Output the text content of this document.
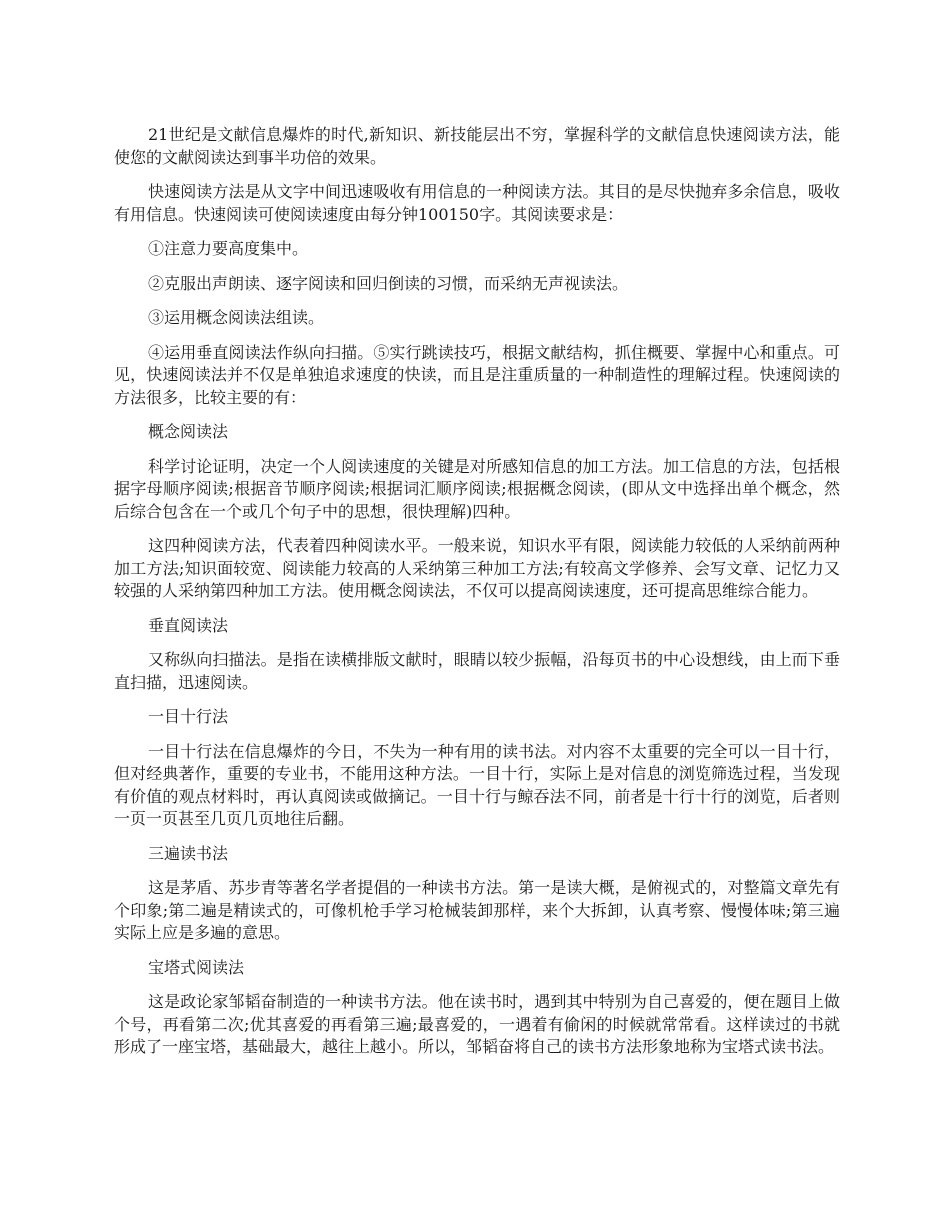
21世纪是文献信息爆炸的时代,新知识、新技能层出不穷，掌握科学的文献信息快速阅读方法，能使您的文献阅读达到事半功倍的效果。

快速阅读方法是从文字中间迅速吸收有用信息的一种阅读方法。其目的是尽快抛弃多余信息，吸收有用信息。快速阅读可使阅读速度由每分钟100150字。其阅读要求是：

①注意力要高度集中。

②克服出声朗读、逐字阅读和回归倒读的习惯，而采纳无声视读法。

③运用概念阅读法组读。

④运用垂直阅读法作纵向扫描。⑤实行跳读技巧，根据文献结构，抓住概要、掌握中心和重点。可见，快速阅读法并不仅是单独追求速度的快读，而且是注重质量的一种制造性的理解过程。快速阅读的方法很多，比较主要的有：

概念阅读法

科学讨论证明，决定一个人阅读速度的关键是对所感知信息的加工方法。加工信息的方法，包括根据字母顺序阅读;根据音节顺序阅读;根据词汇顺序阅读;根据概念阅读，(即从文中选择出单个概念，然后综合包含在一个或几个句子中的思想，很快理解)四种。

这四种阅读方法，代表着四种阅读水平。一般来说，知识水平有限，阅读能力较低的人采纳前两种加工方法;知识面较宽、阅读能力较高的人采纳第三种加工方法;有较高文学修养、会写文章、记忆力又较强的人采纳第四种加工方法。使用概念阅读法，不仅可以提高阅读速度，还可提高思维综合能力。

垂直阅读法

又称纵向扫描法。是指在读横排版文献时，眼睛以较少振幅，沿每页书的中心设想线，由上而下垂直扫描，迅速阅读。

一目十行法

一目十行法在信息爆炸的今日，不失为一种有用的读书法。对内容不太重要的完全可以一目十行，但对经典著作，重要的专业书，不能用这种方法。一目十行，实际上是对信息的浏览筛选过程，当发现有价值的观点材料时，再认真阅读或做摘记。一目十行与鲸吞法不同，前者是十行十行的浏览，后者则一页一页甚至几页几页地往后翻。

三遍读书法

这是茅盾、苏步青等著名学者提倡的一种读书方法。第一是读大概，是俯视式的，对整篇文章先有个印象;第二遍是精读式的，可像机枪手学习枪械装卸那样，来个大拆卸，认真考察、慢慢体味;第三遍实际上应是多遍的意思。

宝塔式阅读法

这是政论家邹韬奋制造的一种读书方法。他在读书时，遇到其中特别为自己喜爱的，便在题目上做个号，再看第二次;优其喜爱的再看第三遍;最喜爱的，一遇着有偷闲的时候就常常看。这样读过的书就形成了一座宝塔，基础最大，越往上越小。所以，邹韬奋将自己的读书方法形象地称为宝塔式读书法。
